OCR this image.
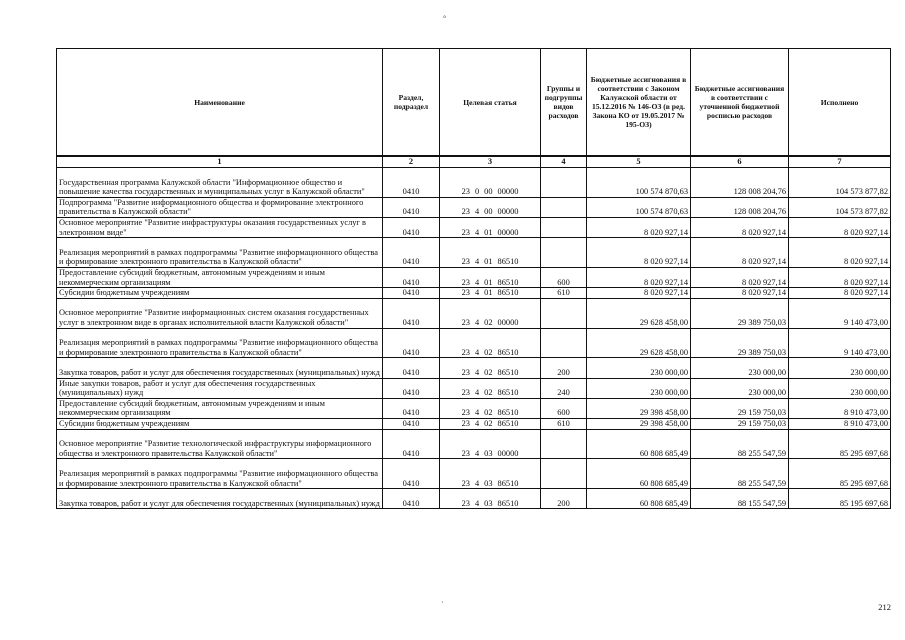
°
·
Наименование	Раздел, подраздел	Целевая статья	Группы и подгруппы видов расходов	Бюджетные ассигнования в соответствии с Законом Калужской области от 15.12.2016 № 146-ОЗ (в ред. Закона КО от 19.05.2017 № 195-ОЗ)	Бюджетные ассигнования в соответствии с уточненной бюджетной росписью расходов	Исполнено
1	2	3	4	5	6	7
Государственная программа Калужской области "Информационное общество и повышение качества государственных и муниципальных услуг в Калужской области"	0410	23 0 00 00000		100 574 870,63	128 008 204,76	104 573 877,82
Подпрограмма "Развитие информационного общества и формирование электронного правительства в Калужской области"	0410	23 4 00 00000		100 574 870,63	128 008 204,76	104 573 877,82
Основное мероприятие "Развитие инфраструктуры оказания государственных услуг в электронном виде"	0410	23 4 01 00000		8 020 927,14	8 020 927,14	8 020 927,14
Реализация мероприятий в рамках подпрограммы "Развитие информационного общества и формирование электронного правительства в Калужской области"	0410	23 4 01 86510		8 020 927,14	8 020 927,14	8 020 927,14
Предоставление субсидий бюджетным, автономным учреждениям и иным некоммерческим организациям	0410	23 4 01 86510	600	8 020 927,14	8 020 927,14	8 020 927,14
Субсидии бюджетным учреждениям	0410	23 4 01 86510	610	8 020 927,14	8 020 927,14	8 020 927,14
Основное мероприятие "Развитие информационных систем оказания государственных услуг в электронном виде в органах исполнительной власти Калужской области"	0410	23 4 02 00000		29 628 458,00	29 389 750,03	9 140 473,00
Реализация мероприятий в рамках подпрограммы "Развитие информационного общества и формирование электронного правительства в Калужской области"	0410	23 4 02 86510		29 628 458,00	29 389 750,03	9 140 473,00
Закупка товаров, работ и услуг для обеспечения государственных (муниципальных) нужд	0410	23 4 02 86510	200	230 000,00	230 000,00	230 000,00
Иные закупки товаров, работ и услуг для обеспечения государственных (муниципальных) нужд	0410	23 4 02 86510	240	230 000,00	230 000,00	230 000,00
Предоставление субсидий бюджетным, автономным учреждениям и иным некоммерческим организациям	0410	23 4 02 86510	600	29 398 458,00	29 159 750,03	8 910 473,00
Субсидии бюджетным учреждениям	0410	23 4 02 86510	610	29 398 458,00	29 159 750,03	8 910 473,00
Основное мероприятие "Развитие технологической инфраструктуры информационного общества и электронного правительства Калужской области"	0410	23 4 03 00000		60 808 685,49	88 255 547,59	85 295 697,68
Реализация мероприятий в рамках подпрограммы "Развитие информационного общества и формирование электронного правительства в Калужской области"	0410	23 4 03 86510		60 808 685,49	88 255 547,59	85 295 697,68
Закупка товаров, работ и услуг для обеспечения государственных (муниципальных) нужд	0410	23 4 03 86510	200	60 808 685,49	88 155 547,59	85 195 697,68
212
